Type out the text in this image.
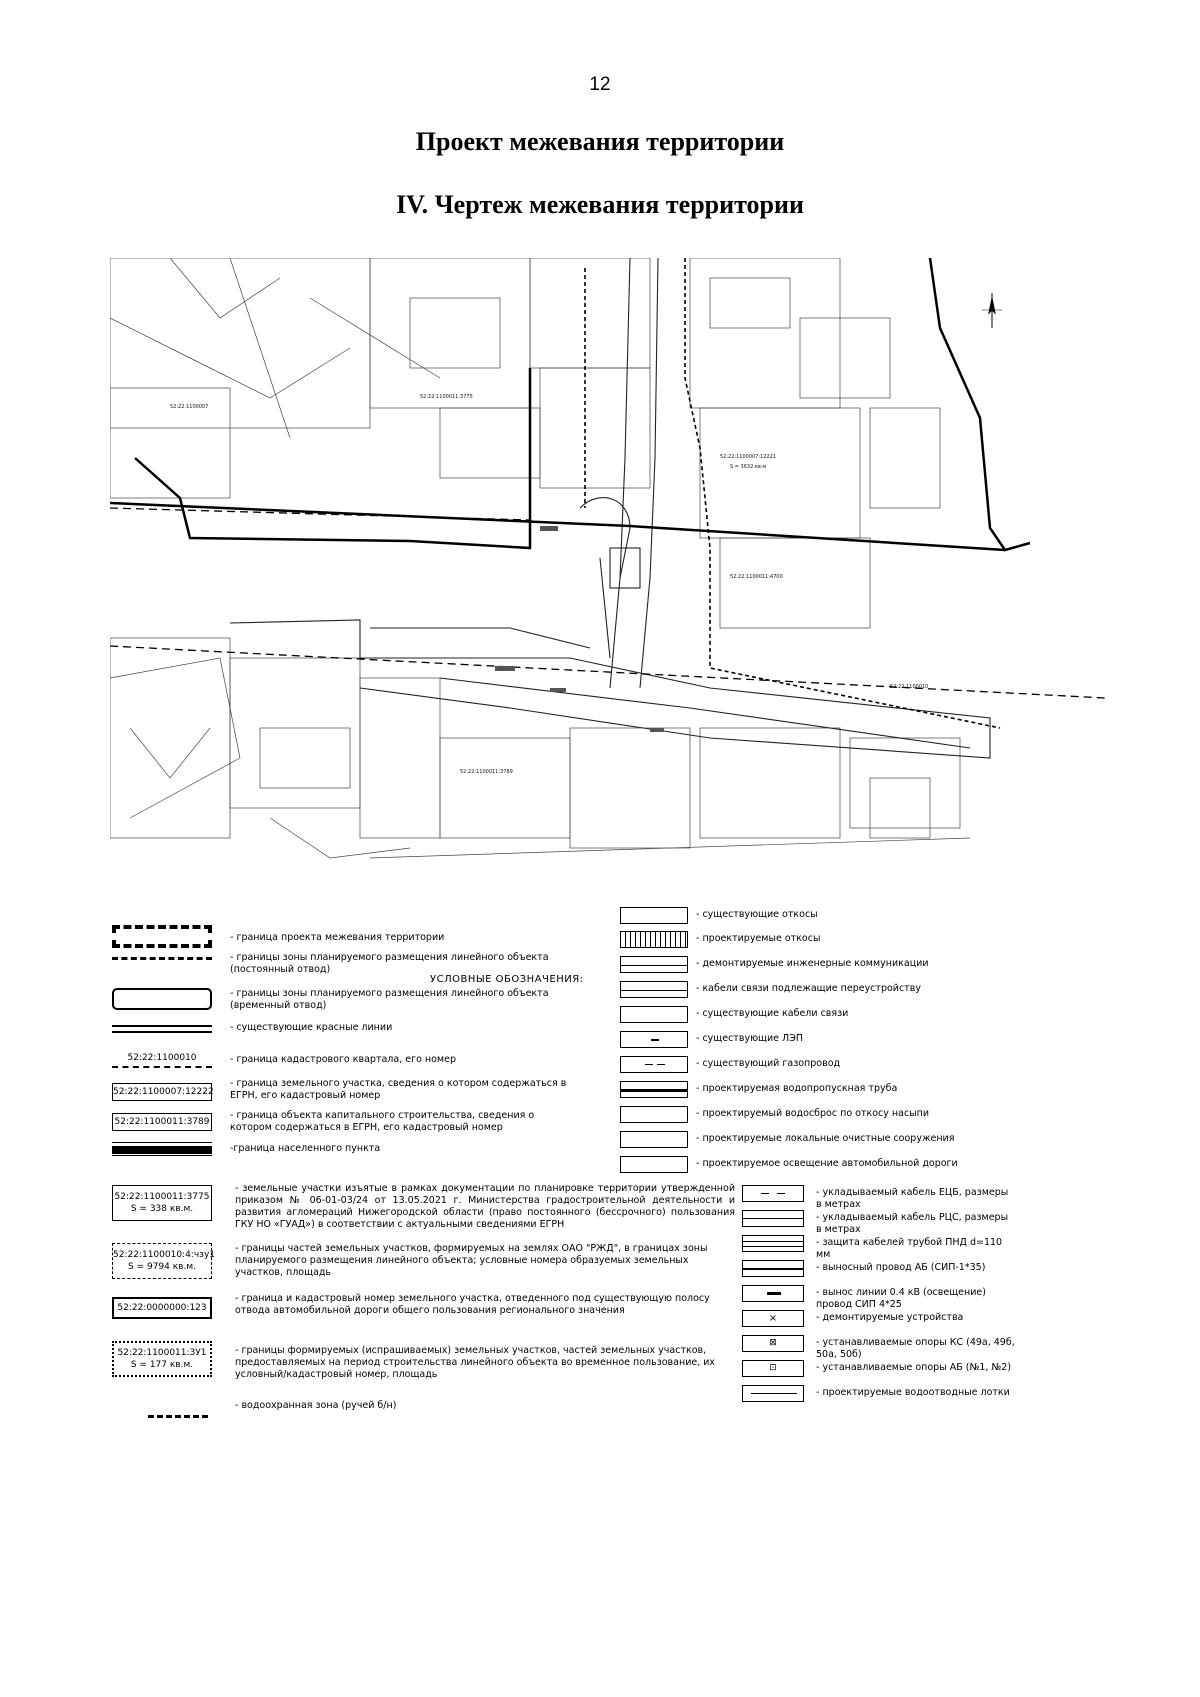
12
Проект межевания территории
IV. Чертеж межевания территории
52:22:1100011:3775
52:22:1100007:12221
S = 3632 кв.м
52:22:1100011:4700
52:22:1100011:3789
52:22:1100010
52:22:1100007
УСЛОВНЫЕ ОБОЗНАЧЕНИЯ:
- граница проекта межевания территории
- границы зоны планируемого размещения линейного объекта (постоянный отвод)
- границы зоны планируемого размещения линейного объекта (временный отвод)
- существующие красные линии
52:22:1100010	- граница кадастрового квартала, его номер
52:22:1100007:12222
- граница земельного участка, сведения о котором содержаться в ЕГРН, его кадастровый номер
52:22:1100011:3789
- граница объекта капитального строительства, сведения о котором содержаться в ЕГРН, его кадастровый номер
-граница населенного пункта
- существующие откосы
- проектируемые откосы
- демонтируемые инженерные коммуникации
- кабели связи подлежащие переустройству
- существующие кабели связи
- существующие ЛЭП
- существующий газопровод
- проектируемая водопропускная труба
- проектируемый водосброс по откосу насыпи
- проектируемые локальные очистные сооружения
- проектируемое освещение автомобильной дороги
52:22:1100011:3775
S = 338 кв.м.
- земельные участки изъятые в рамках документации по планировке территории утвержденной приказом № 06-01-03/24 от 13.05.2021 г. Министерства градостроительной деятельности и развития агломераций Нижегородской области (право постоянного (бессрочного) пользования ГКУ НО «ГУАД») в соответствии с актуальными сведениями ЕГРН
52:22:1100010:4:чзу1
S = 9794 кв.м.
- границы частей земельных участков, формируемых на землях ОАО "РЖД", в границах зоны планируемого размещения линейного объекта; условные номера образуемых земельных участков, площадь
52:22:0000000:123
- граница и кадастровый номер земельного участка, отведенного под существующую полосу отвода автомобильной дороги общего пользования регионального значения
52:22:1100011:ЗУ1
S = 177 кв.м.
- границы формируемых (испрашиваемых) земельных участков, частей земельных участков, предоставляемых на период строительства линейного объекта во временное пользование, их условный/кадастровый номер, площадь
- водоохранная зона (ручей б/н)
- укладываемый кабель ЕЦБ, размеры в метрах
- укладываемый кабель РЦС, размеры в метрах
- защита кабелей трубой ПНД d=110 мм
- выносный провод АБ (СИП-1*35)
- вынос линии 0.4 кВ (освещение) провод СИП 4*25
×	- демонтируемые устройства
⊠	- устанавливаемые опоры КС (49а, 49б, 50а, 50б)
⊡	- устанавливаемые опоры АБ (№1, №2)
- проектируемые водоотводные лотки
